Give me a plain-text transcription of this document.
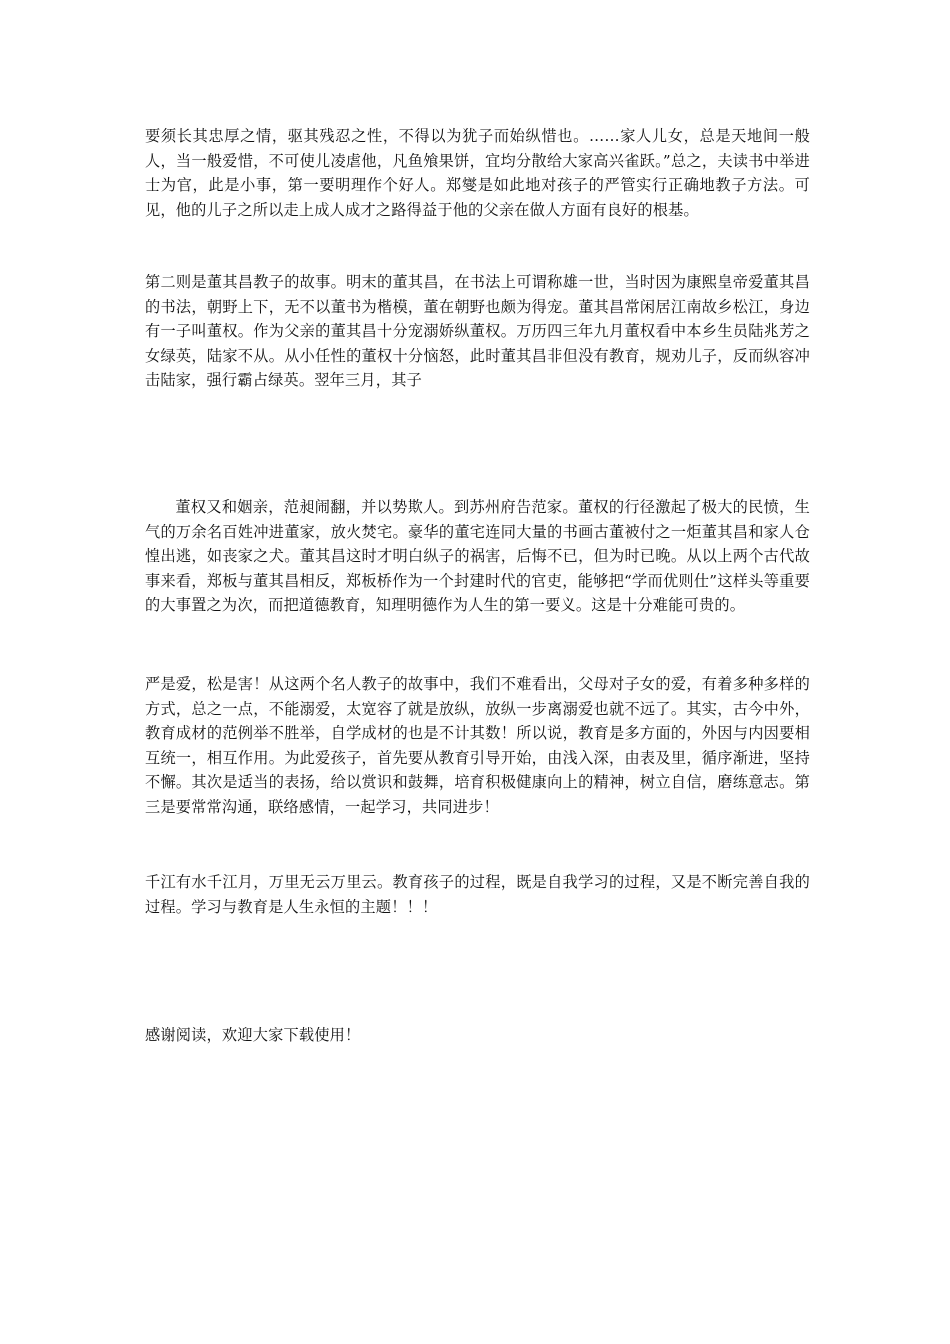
要须长其忠厚之情，驱其残忍之性，不得以为犹子而始纵惜也。……家人儿女，总是天地间一般人，当一般爱惜，不可使儿凌虐他，凡鱼飧果饼，宜均分散给大家高兴雀跃。”总之，夫读书中举进士为官，此是小事，第一要明理作个好人。郑燮是如此地对孩子的严管实行正确地教子方法。可见，他的儿子之所以走上成人成才之路得益于他的父亲在做人方面有良好的根基。

第二则是董其昌教子的故事。明末的董其昌，在书法上可谓称雄一世，当时因为康熙皇帝爱董其昌的书法，朝野上下，无不以董书为楷模，董在朝野也颇为得宠。董其昌常闲居江南故乡松江，身边有一子叫董权。作为父亲的董其昌十分宠溺娇纵董权。万历四三年九月董权看中本乡生员陆兆芳之女绿英，陆家不从。从小任性的董权十分恼怒，此时董其昌非但没有教育，规劝儿子，反而纵容冲击陆家，强行霸占绿英。翌年三月，其子

董权又和姻亲，范昶闹翻，并以势欺人。到苏州府告范家。董权的行径激起了极大的民愤，生气的万余名百姓冲进董家，放火焚宅。豪华的董宅连同大量的书画古董被付之一炬董其昌和家人仓惶出逃，如丧家之犬。董其昌这时才明白纵子的祸害，后悔不已，但为时已晚。从以上两个古代故事来看，郑板与董其昌相反，郑板桥作为一个封建时代的官吏，能够把“学而优则仕”这样头等重要的大事置之为次，而把道德教育，知理明德作为人生的第一要义。这是十分难能可贵的。

严是爱，松是害！从这两个名人教子的故事中，我们不难看出，父母对子女的爱，有着多种多样的方式，总之一点，不能溺爱，太宽容了就是放纵，放纵一步离溺爱也就不远了。其实，古今中外，教育成材的范例举不胜举，自学成材的也是不计其数！所以说，教育是多方面的，外因与内因要相互统一，相互作用。为此爱孩子，首先要从教育引导开始，由浅入深，由表及里，循序渐进，坚持不懈。其次是适当的表扬，给以赏识和鼓舞，培育积极健康向上的精神，树立自信，磨练意志。第三是要常常沟通，联络感情，一起学习，共同进步！

千江有水千江月，万里无云万里云。教育孩子的过程，既是自我学习的过程，又是不断完善自我的过程。学习与教育是人生永恒的主题！！！

感谢阅读，欢迎大家下载使用！
